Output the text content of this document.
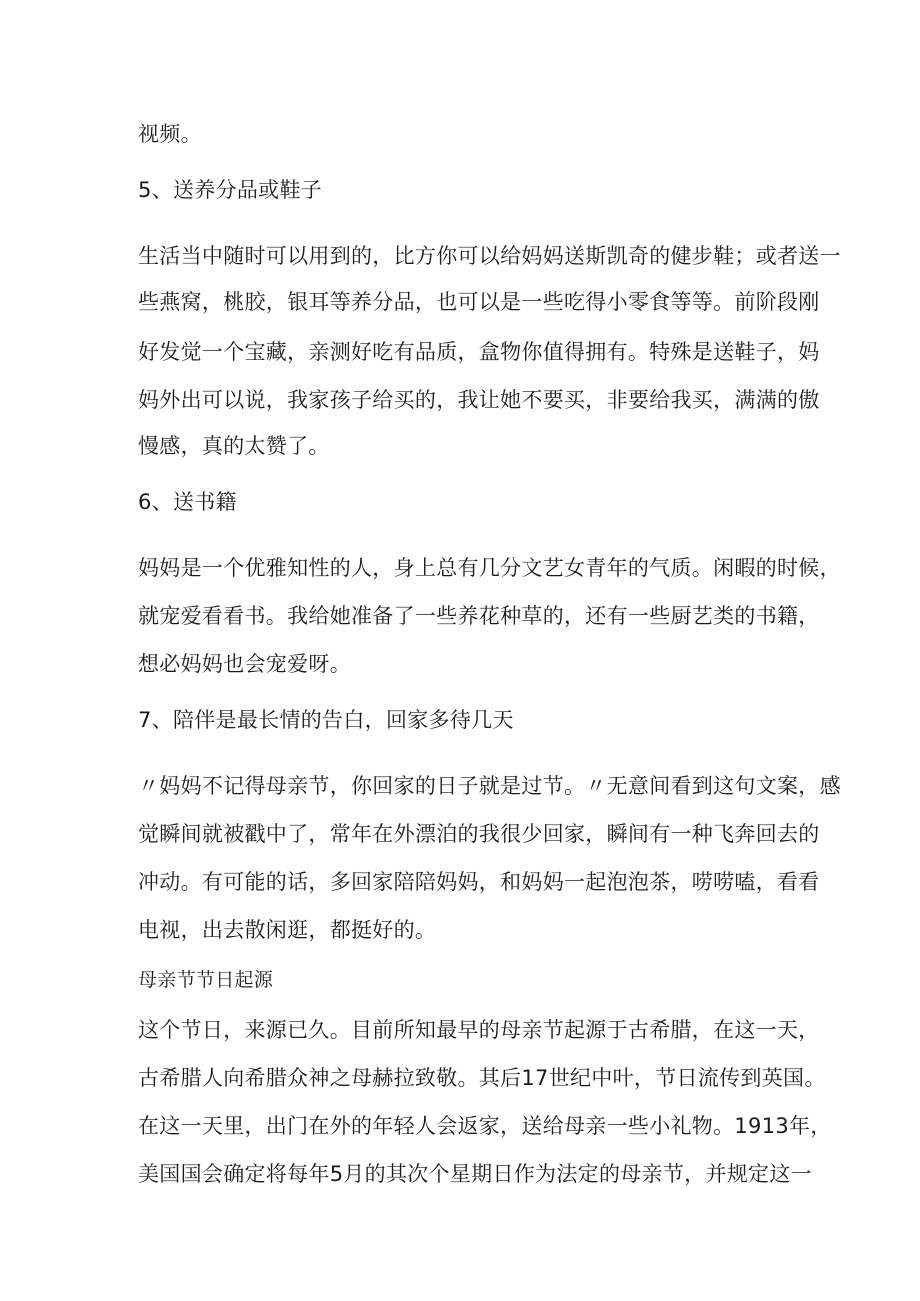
视频。

5、送养分品或鞋子

生活当中随时可以用到的，比方你可以给妈妈送斯凯奇的健步鞋；或者送一

些燕窝，桃胶，银耳等养分品，也可以是一些吃得小零食等等。前阶段刚

好发觉一个宝藏，亲测好吃有品质，盒物你值得拥有。特殊是送鞋子，妈

妈外出可以说，我家孩子给买的，我让她不要买，非要给我买，满满的傲

慢感，真的太赞了。

6、送书籍

妈妈是一个优雅知性的人，身上总有几分文艺女青年的气质。闲暇的时候，

就宠爱看看书。我给她准备了一些养花种草的，还有一些厨艺类的书籍，

想必妈妈也会宠爱呀。

7、陪伴是最长情的告白，回家多待几天

〃妈妈不记得母亲节，你回家的日子就是过节。〃无意间看到这句文案，感

觉瞬间就被戳中了，常年在外漂泊的我很少回家，瞬间有一种飞奔回去的

冲动。有可能的话，多回家陪陪妈妈，和妈妈一起泡泡茶，唠唠嗑，看看

电视，出去散闲逛，都挺好的。

母亲节节日起源

这个节日，来源已久。目前所知最早的母亲节起源于古希腊，在这一天，

古希腊人向希腊众神之母赫拉致敬。其后17世纪中叶，节日流传到英国。

在这一天里，出门在外的年轻人会返家，送给母亲一些小礼物。1913年，

美国国会确定将每年5月的其次个星期日作为法定的母亲节，并规定这一
